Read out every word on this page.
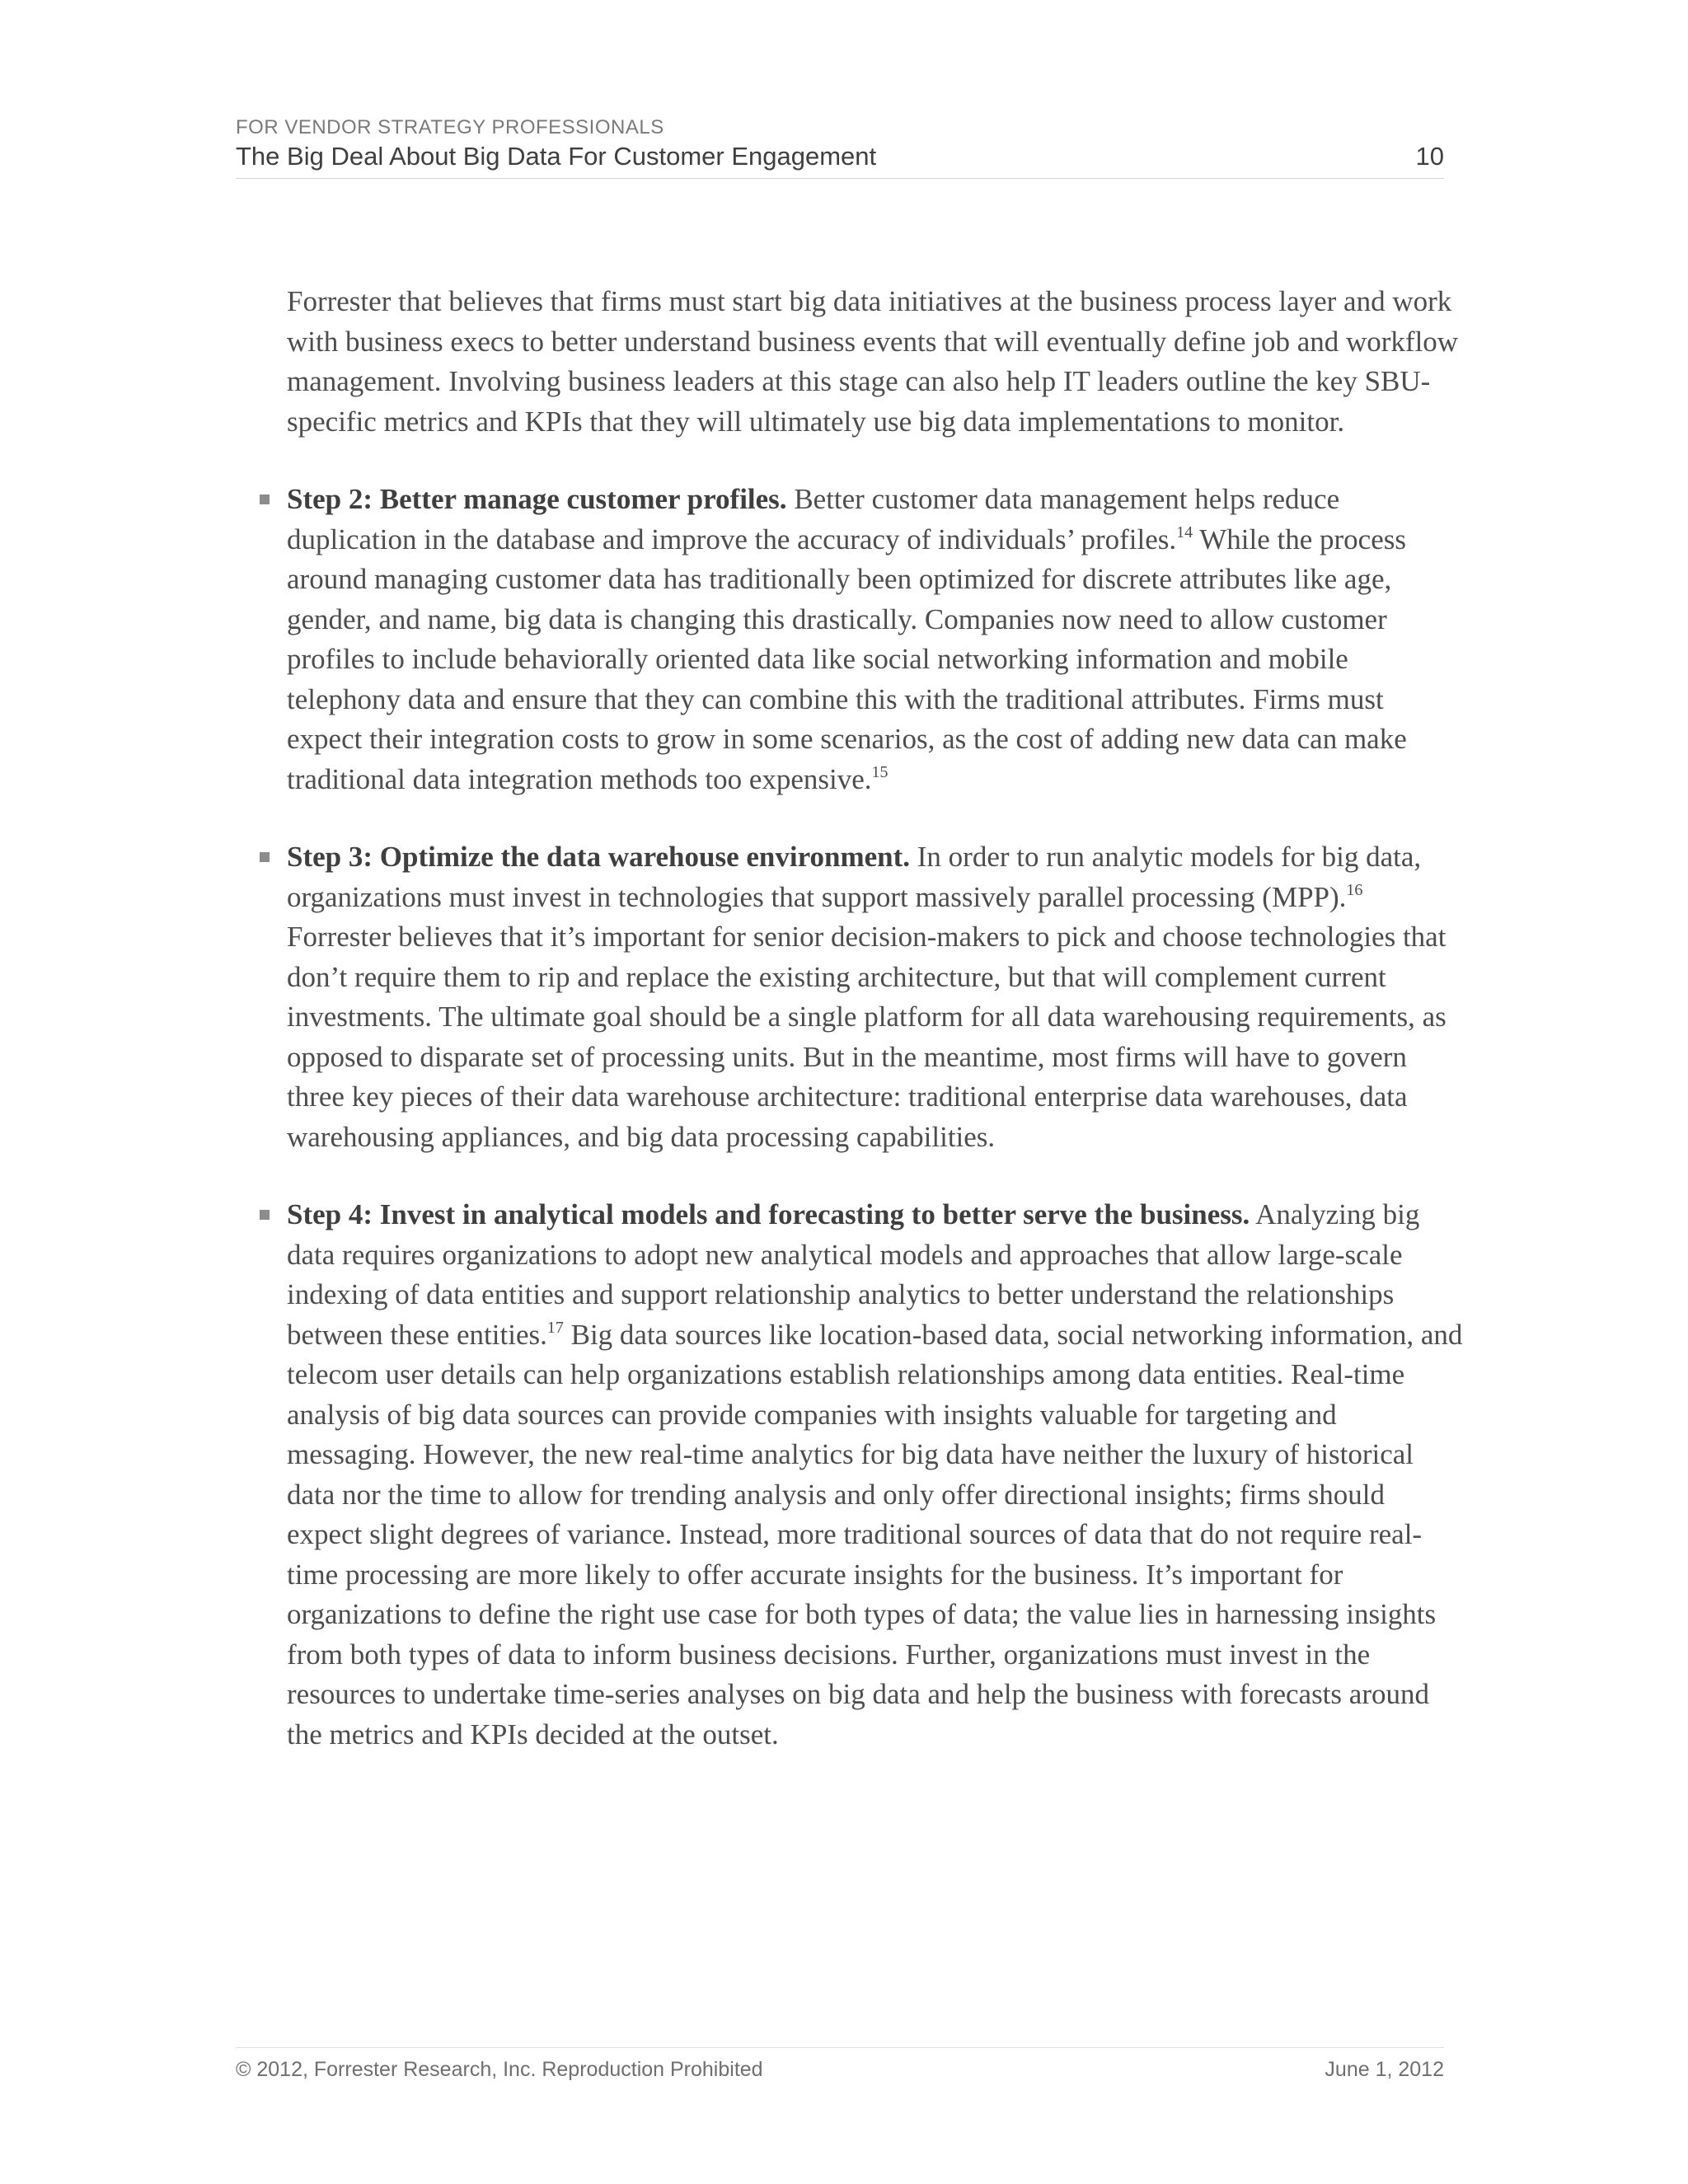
FOR VENDOR STRATEGY PROFESSIONALS
The Big Deal About Big Data For Customer Engagement	10

Forrester that believes that firms must start big data initiatives at the business process layer and work with business execs to better understand business events that will eventually define job and workflow management. Involving business leaders at this stage can also help IT leaders outline the key SBU-specific metrics and KPIs that they will ultimately use big data implementations to monitor.

Step 2: Better manage customer profiles. Better customer data management helps reduce duplication in the database and improve the accuracy of individuals’ profiles.$^{14}$ While the process around managing customer data has traditionally been optimized for discrete attributes like age, gender, and name, big data is changing this drastically. Companies now need to allow customer profiles to include behaviorally oriented data like social networking information and mobile telephony data and ensure that they can combine this with the traditional attributes. Firms must expect their integration costs to grow in some scenarios, as the cost of adding new data can make traditional data integration methods too expensive.$^{15}$
Step 3: Optimize the data warehouse environment. In order to run analytic models for big data, organizations must invest in technologies that support massively parallel processing (MPP).$^{16}$ Forrester believes that it’s important for senior decision-makers to pick and choose technologies that don’t require them to rip and replace the existing architecture, but that will complement current investments. The ultimate goal should be a single platform for all data warehousing requirements, as opposed to disparate set of processing units. But in the meantime, most firms will have to govern three key pieces of their data warehouse architecture: traditional enterprise data warehouses, data warehousing appliances, and big data processing capabilities.
Step 4: Invest in analytical models and forecasting to better serve the business. Analyzing big data requires organizations to adopt new analytical models and approaches that allow large-scale indexing of data entities and support relationship analytics to better understand the relationships between these entities.$^{17}$ Big data sources like location-based data, social networking information, and telecom user details can help organizations establish relationships among data entities. Real-time analysis of big data sources can provide companies with insights valuable for targeting and messaging. However, the new real-time analytics for big data have neither the luxury of historical data nor the time to allow for trending analysis and only offer directional insights; firms should expect slight degrees of variance. Instead, more traditional sources of data that do not require real-time processing are more likely to offer accurate insights for the business. It’s important for organizations to define the right use case for both types of data; the value lies in harnessing insights from both types of data to inform business decisions. Further, organizations must invest in the resources to undertake time-series analyses on big data and help the business with forecasts around the metrics and KPIs decided at the outset.
© 2012, Forrester Research, Inc. Reproduction Prohibited	June 1, 2012
